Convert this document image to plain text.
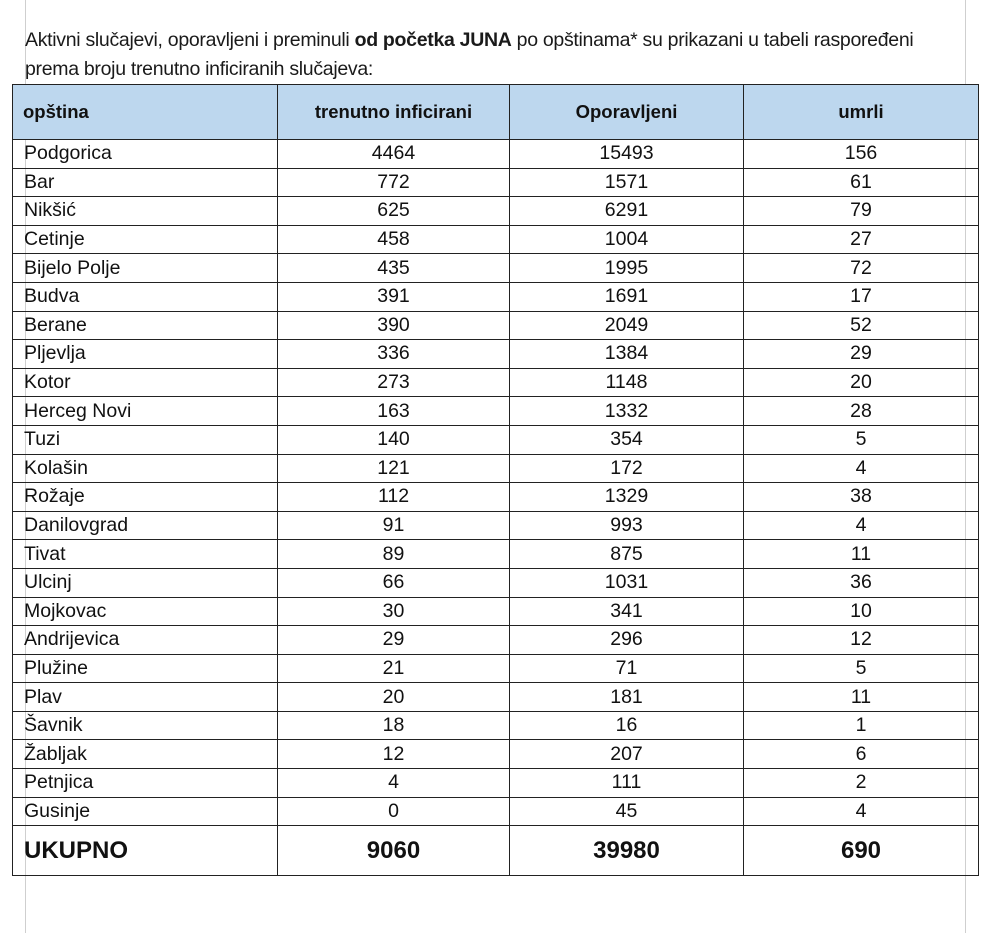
Aktivni slučajevi, oporavljeni i preminuli od početka JUNA po opštinama* su prikazani u tabeli raspoređeni prema broju trenutno inficiranih slučajeva:

opština	trenutno inficirani	Oporavljeni	umrli
Podgorica	4464	15493	156
Bar	772	1571	61
Nikšić	625	6291	79
Cetinje	458	1004	27
Bijelo Polje	435	1995	72
Budva	391	1691	17
Berane	390	2049	52
Pljevlja	336	1384	29
Kotor	273	1148	20
Herceg Novi	163	1332	28
Tuzi	140	354	5
Kolašin	121	172	4
Rožaje	112	1329	38
Danilovgrad	91	993	4
Tivat	89	875	11
Ulcinj	66	1031	36
Mojkovac	30	341	10
Andrijevica	29	296	12
Plužine	21	71	5
Plav	20	181	11
Šavnik	18	16	1
Žabljak	12	207	6
Petnjica	4	111	2
Gusinje	0	45	4
UKUPNO	9060	39980	690
